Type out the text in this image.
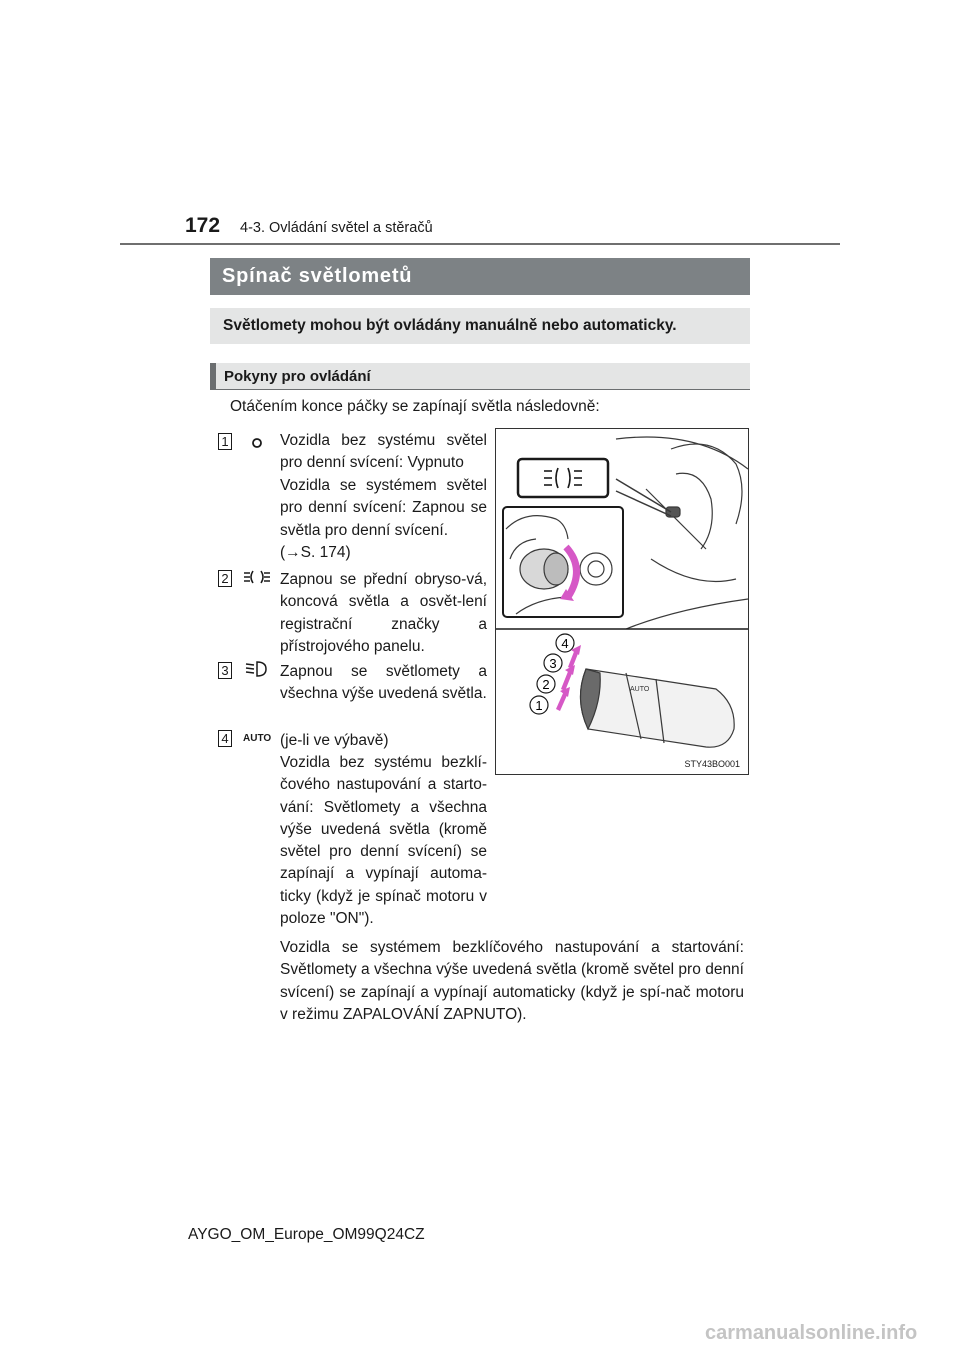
172 4-3. Ovládání světel a stěračů
Spínač světlometů
Světlomety mohou být ovládány manuálně nebo automaticky.
Pokyny pro ovládání
Otáčením konce páčky se zapínají světla následovně:
1	Vozidla bez systému světel pro denní svícení: Vypnuto
Vozidla se systémem světel pro denní svícení: Zapnou se světla pro denní svícení.
(→S. 174)
2	Zapnou se přední obryso-vá, koncová světla a osvět-lení registrační značky a přístrojového panelu.
3	Zapnou se světlomety a všechna výše uvedená světla.
4	AUTO (je-li ve výbavě)
Vozidla bez systému bezklí-čového nastupování a starto-vání: Světlomety a všechna výše uvedená světla (kromě světel pro denní svícení) se zapínají a vypínají automa-ticky (když je spínač motoru v poloze "ON").
AUTO
1
2
3
4
STY43BO001
Vozidla se systémem bezklíčového nastupování a startování: Světlomety a všechna výše uvedená světla (kromě světel pro denní svícení) se zapínají a vypínají automaticky (když je spí-nač motoru v režimu ZAPALOVÁNÍ ZAPNUTO).
AYGO_OM_Europe_OM99Q24CZ
carmanualsonline.info
